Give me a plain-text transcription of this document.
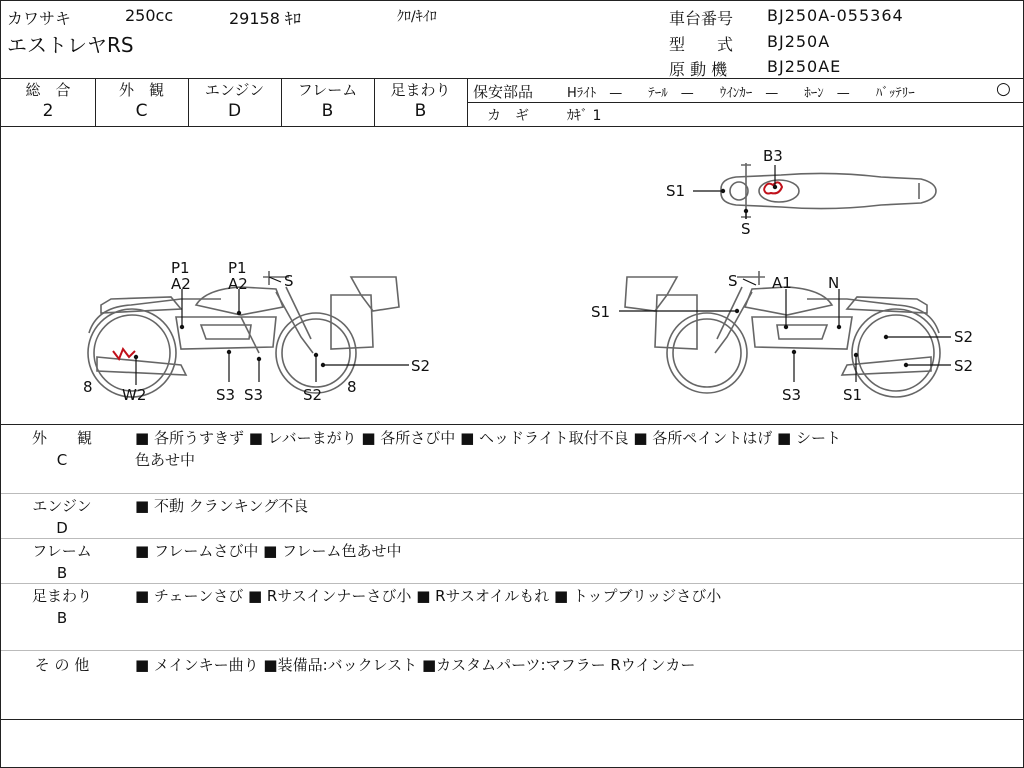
カワサキ	250cc	29158 ｷﾛ	ｸﾛ/ｷｲﾛ
エストレヤRS
車台番号 BJ250A-055364
型　　式 BJ250A
原 動 機 BJ250AE
総　合
2
外　観
C
エンジン
D
フレーム
B
足まわり
B
保安部品	Hﾗｲﾄ　—　　ﾃｰﾙ　—　　ｳｲﾝｶｰ　—　　ﾎｰﾝ　—　　ﾊﾞｯﾃﾘｰ	○
カ　ギ	ｶｷﾞ 1
P1
A2
P1
A2 S
S2
8 W2	S3 S3	S2 8
S A1 N
S1
S2
S2
S3	S1
B3
S1
S
外　　観
C
■ 各所うすきず ■ レバーまがり ■ 各所さび中 ■ ヘッドライト取付不良 ■ 各所ペイントはげ ■ シート
色あせ中
エンジン
D
■ 不動 クランキング不良
フレーム
B
■ フレームさび中 ■ フレーム色あせ中
足まわり
B
■ チェーンさび ■ Rサスインナーさび小 ■ Rサスオイルもれ ■ トップブリッジさび小
そ の 他	■ メインキー曲り ■装備品:バックレスト ■カスタムパーツ:マフラー Rウインカー
